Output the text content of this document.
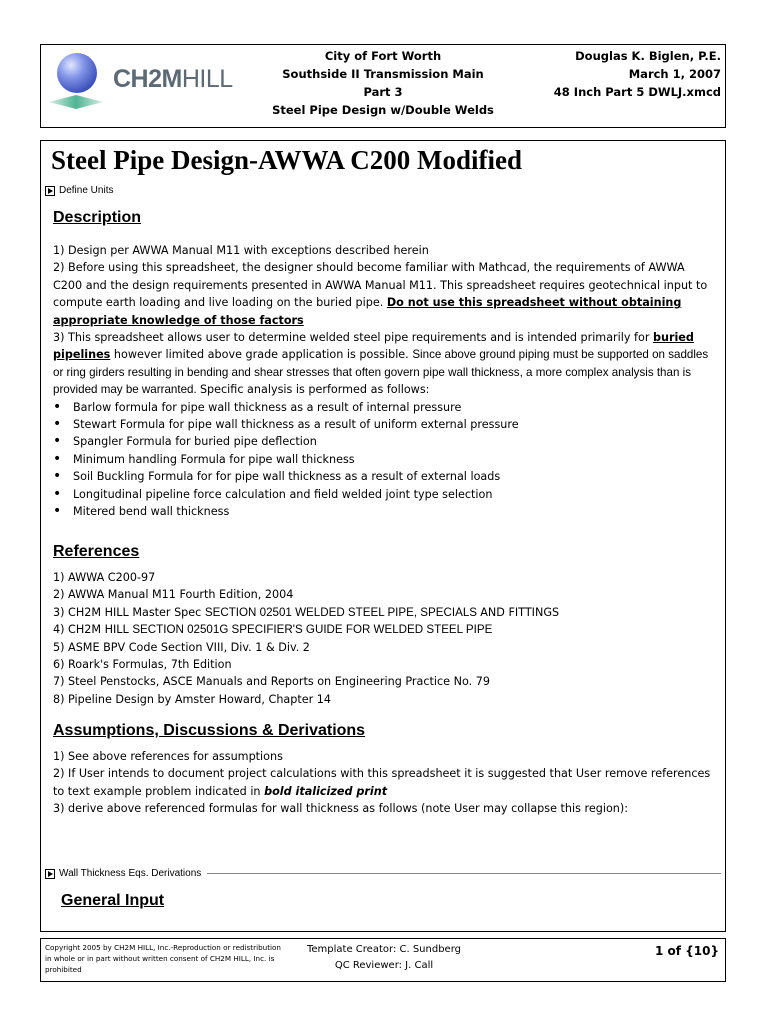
CH2MHILL
City of Fort Worth
Southside II Transmission Main
Part 3
Steel Pipe Design w/Double Welds
Douglas K. Biglen, P.E.
March 1, 2007
48 Inch Part 5 DWLJ.xmcd
Steel Pipe Design-AWWA C200 Modified
Define Units
Description

1) Design per AWWA Manual M11 with exceptions described herein

2) Before using this spreadsheet, the designer should become familiar with Mathcad, the requirements of AWWA C200 and the design requirements presented in AWWA Manual M11. This spreadsheet requires geotechnical input to compute earth loading and live loading on the buried pipe. Do not use this spreadsheet without obtaining appropriate knowledge of those factors

3) This spreadsheet allows user to determine welded steel pipe requirements and is intended primarily for buried pipelines however limited above grade application is possible. Since above ground piping must be supported on saddles or ring girders resulting in bending and shear stresses that often govern pipe wall thickness, a more complex analysis than is provided may be warranted. Specific analysis is performed as follows:

• Barlow formula for pipe wall thickness as a result of internal pressure
• Stewart Formula for pipe wall thickness as a result of uniform external pressure
• Spangler Formula for buried pipe deflection
• Minimum handling Formula for pipe wall thickness
• Soil Buckling Formula for for pipe wall thickness as a result of external loads
• Longitudinal pipeline force calculation and field welded joint type selection
• Mitered bend wall thickness
References

1) AWWA C200-97

2) AWWA Manual M11 Fourth Edition, 2004

3) CH2M HILL Master Spec SECTION 02501 WELDED STEEL PIPE, SPECIALS AND FITTINGS

4) CH2M HILL SECTION 02501G SPECIFIER'S GUIDE FOR WELDED STEEL PIPE

5) ASME BPV Code Section VIII, Div. 1 & Div. 2

6) Roark's Formulas, 7th Edition

7) Steel Penstocks, ASCE Manuals and Reports on Engineering Practice No. 79

8) Pipeline Design by Amster Howard, Chapter 14

Assumptions, Discussions & Derivations

1) See above references for assumptions

2) If User intends to document project calculations with this spreadsheet it is suggested that User remove references to text example problem indicated in bold italicized print

3) derive above referenced formulas for wall thickness as follows (note User may collapse this region):

Wall Thickness Eqs. Derivations
General Input
Copyright 2005 by CH2M HILL, Inc.-Reproduction or redistribution in whole or in part without written consent of CH2M HILL, Inc. is prohibited
Template Creator: C. Sundberg
QC Reviewer: J. Call
1 of {10}
